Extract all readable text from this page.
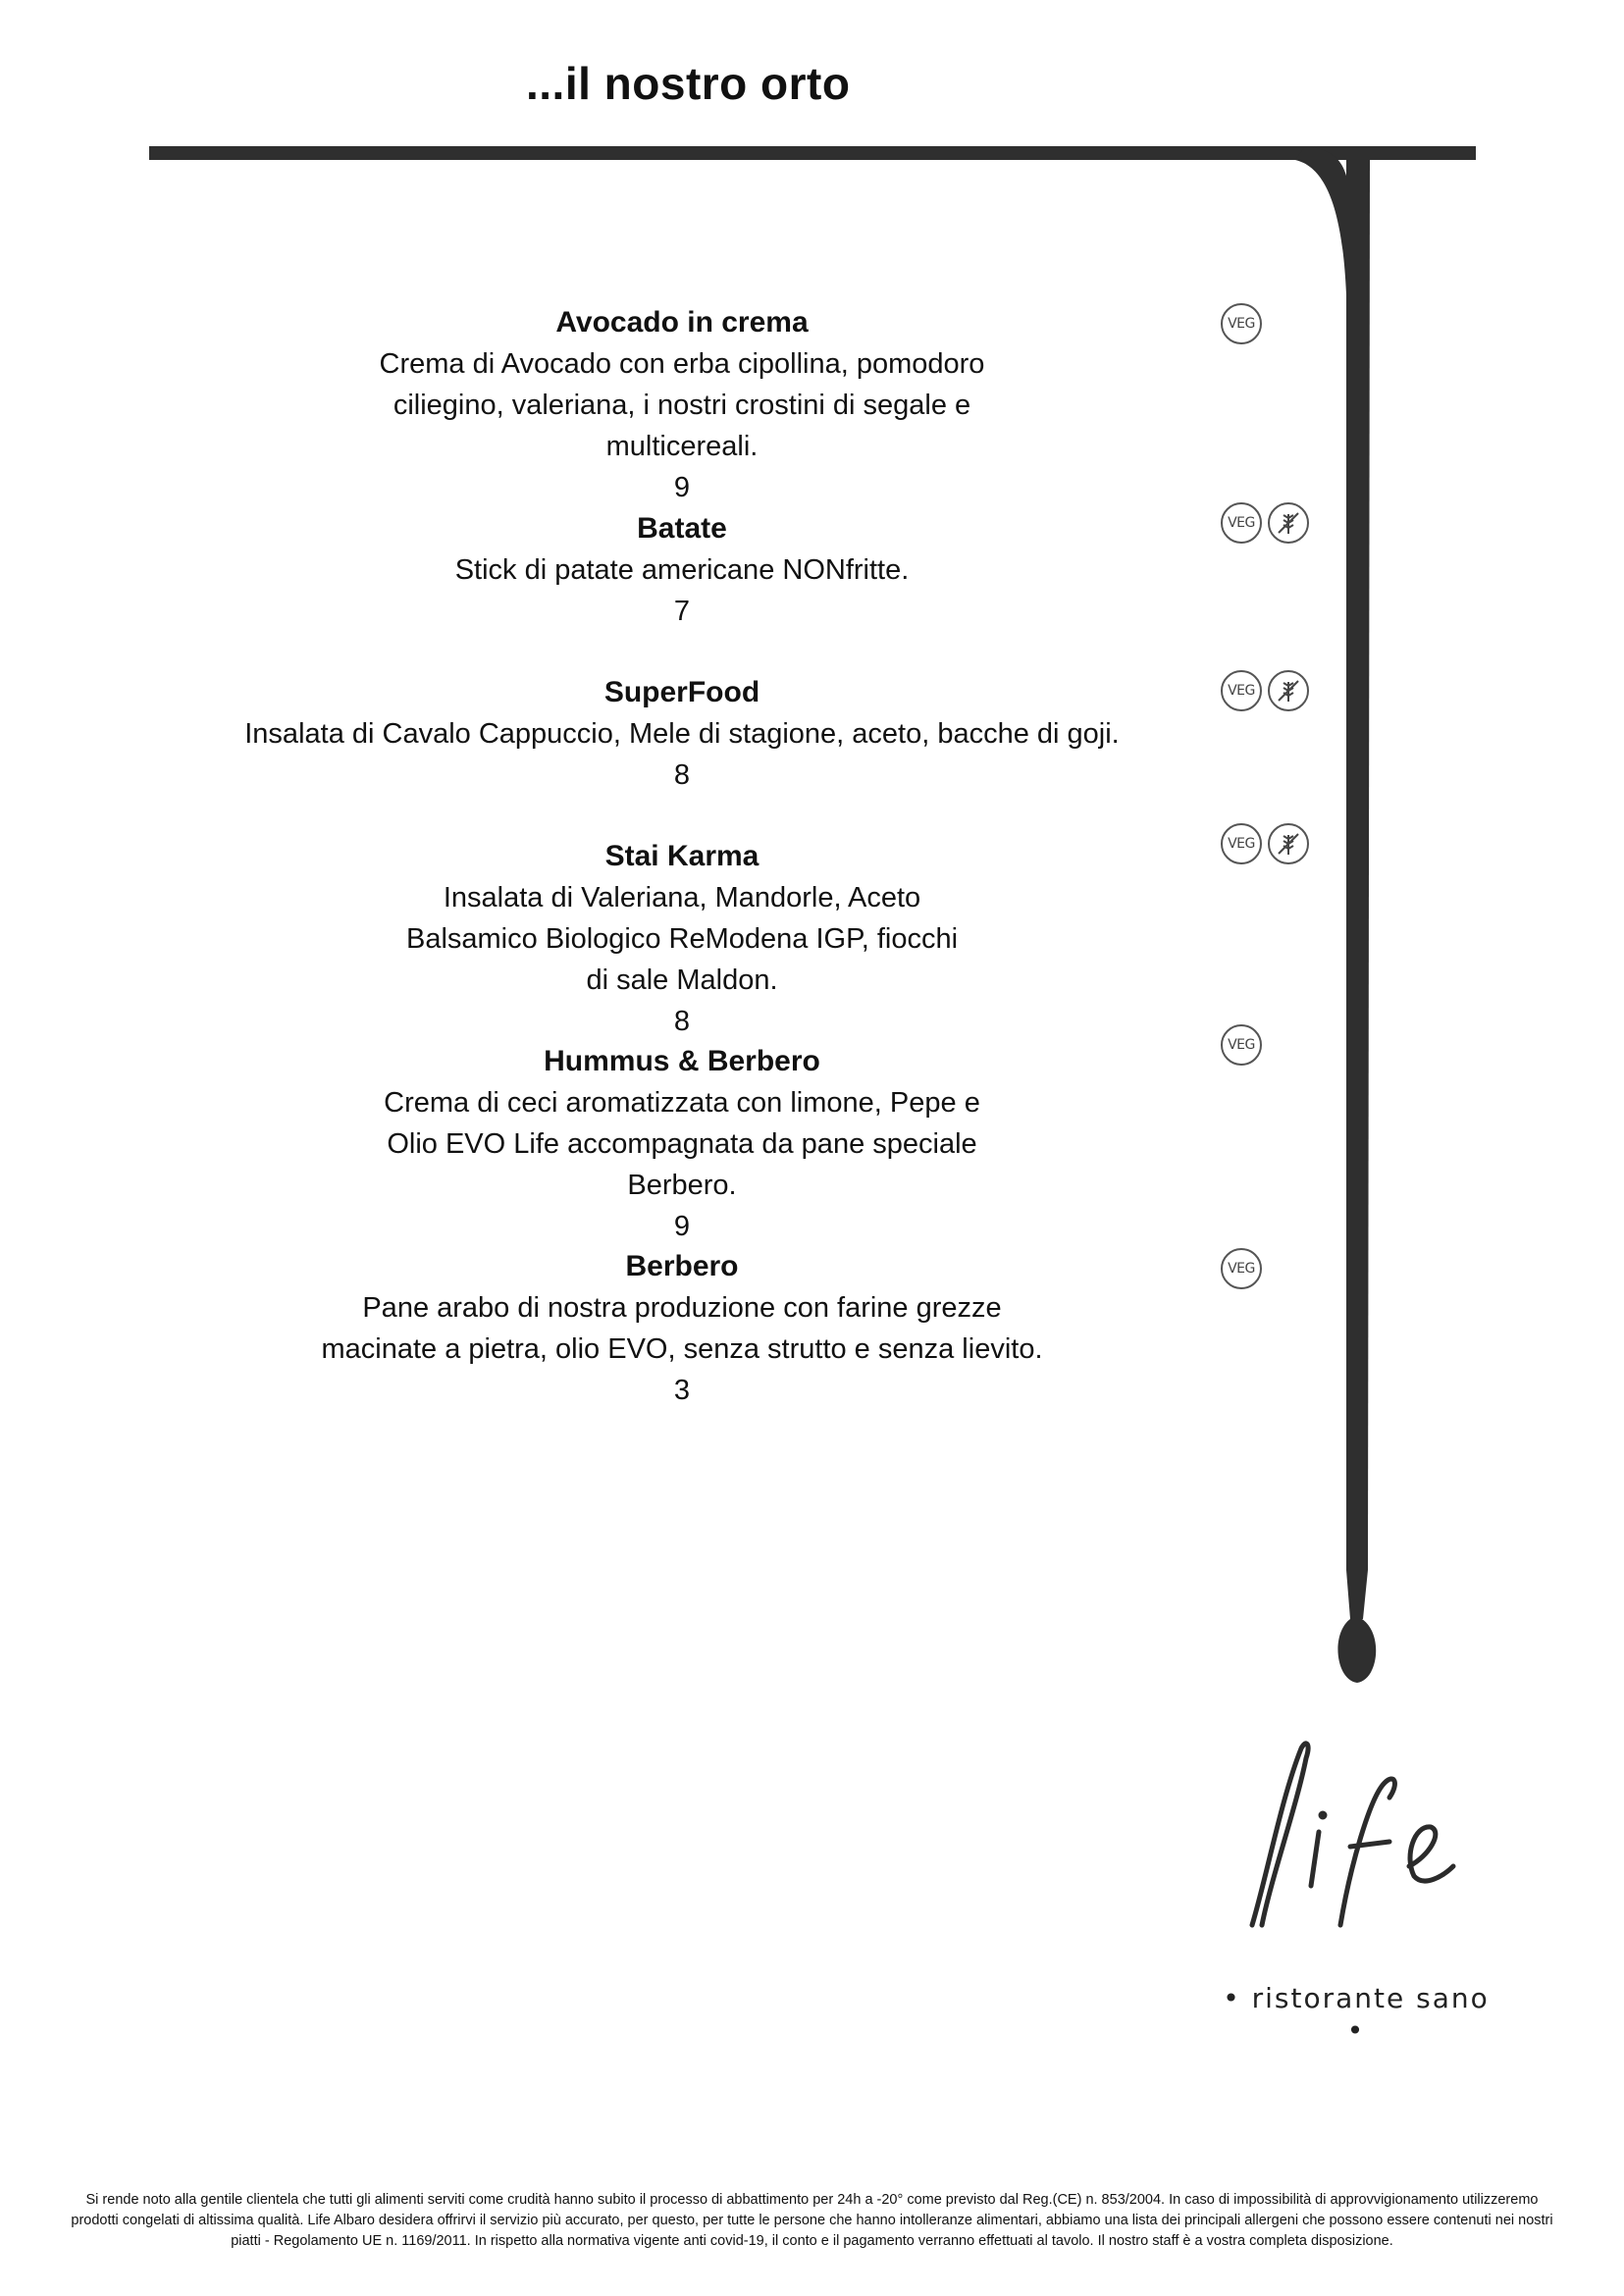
...il nostro orto
Avocado in crema
Crema di Avocado con erba cipollina, pomodoro ciliegino, valeriana, i nostri crostini di segale e multicereali.
9
Batate
Stick di patate americane NONfritte.
7
SuperFood
Insalata di Cavalo Cappuccio, Mele di stagione, aceto, bacche di goji.
8
Stai Karma
Insalata di Valeriana, Mandorle, Aceto Balsamico Biologico ReModena IGP, fiocchi di sale Maldon.
8
Hummus & Berbero
Crema di ceci aromatizzata con limone, Pepe e Olio EVO Life accompagnata da pane speciale Berbero.
9
Berbero
Pane arabo di nostra produzione con farine grezze macinate a pietra, olio EVO, senza strutto e senza lievito.
3
VEG
VEG
VEG
VEG
VEG
VEG
• ristorante sano •
Si rende noto alla gentile clientela che tutti gli alimenti serviti come crudità hanno subito il processo di abbattimento per 24h a -20° come previsto dal Reg.(CE) n. 853/2004. In caso di impossibilità di approvvigionamento utilizzeremo prodotti congelati di altissima qualità. Life Albaro desidera offrirvi il servizio più accurato, per questo, per tutte le persone che hanno intolleranze alimentari, abbiamo una lista dei principali allergeni che possono essere contenuti nei nostri piatti - Regolamento UE n. 1169/2011. In rispetto alla normativa vigente anti covid-19, il conto e il pagamento verranno effettuati al tavolo. Il nostro staff è a vostra completa disposizione.
